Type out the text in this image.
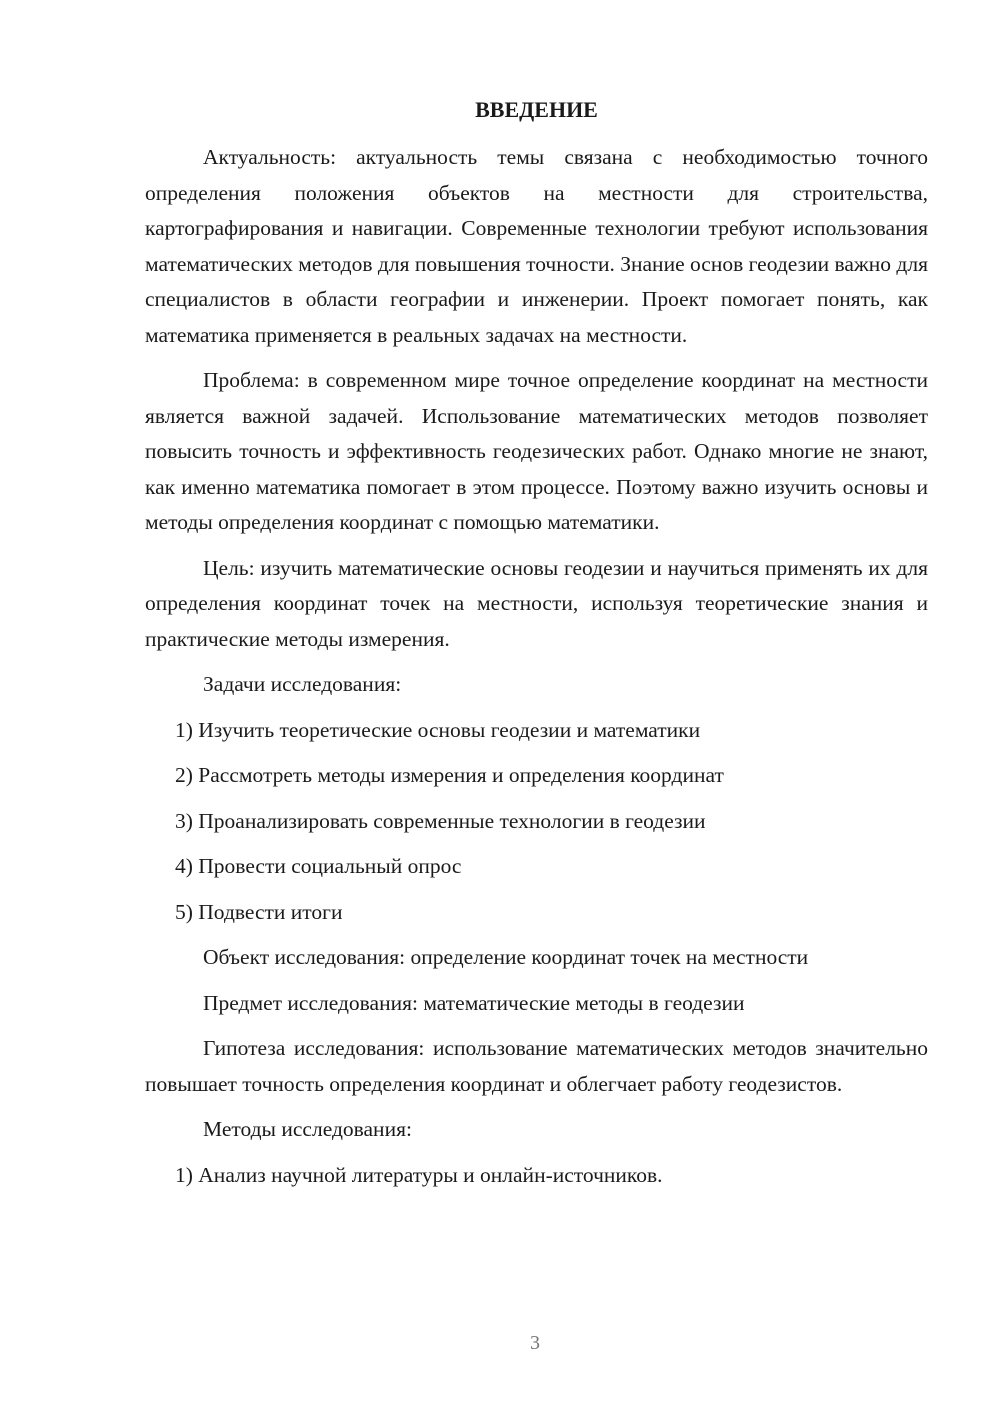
ВВЕДЕНИЕ

Актуальность: актуальность темы связана с необходимостью точного определения положения объектов на местности для строительства, картографирования и навигации. Современные технологии требуют использования математических методов для повышения точности. Знание основ геодезии важно для специалистов в области географии и инженерии. Проект помогает понять, как математика применяется в реальных задачах на местности.

Проблема: в современном мире точное определение координат на местности является важной задачей. Использование математических методов позволяет повысить точность и эффективность геодезических работ. Однако многие не знают, как именно математика помогает в этом процессе. Поэтому важно изучить основы и методы определения координат с помощью математики.

Цель: изучить математические основы геодезии и научиться применять их для определения координат точек на местности, используя теоретические знания и практические методы измерения.

Задачи исследования:
1) Изучить теоретические основы геодезии и математики
2) Рассмотреть методы измерения и определения координат
3) Проанализировать современные технологии в геодезии
4) Провести социальный опрос
5) Подвести итоги
Объект исследования: определение координат точек на местности
Предмет исследования: математические методы в геодезии

Гипотеза исследования: использование математических методов значительно повышает точность определения координат и облегчает работу геодезистов.

Методы исследования:
1) Анализ научной литературы и онлайн-источников.
3
